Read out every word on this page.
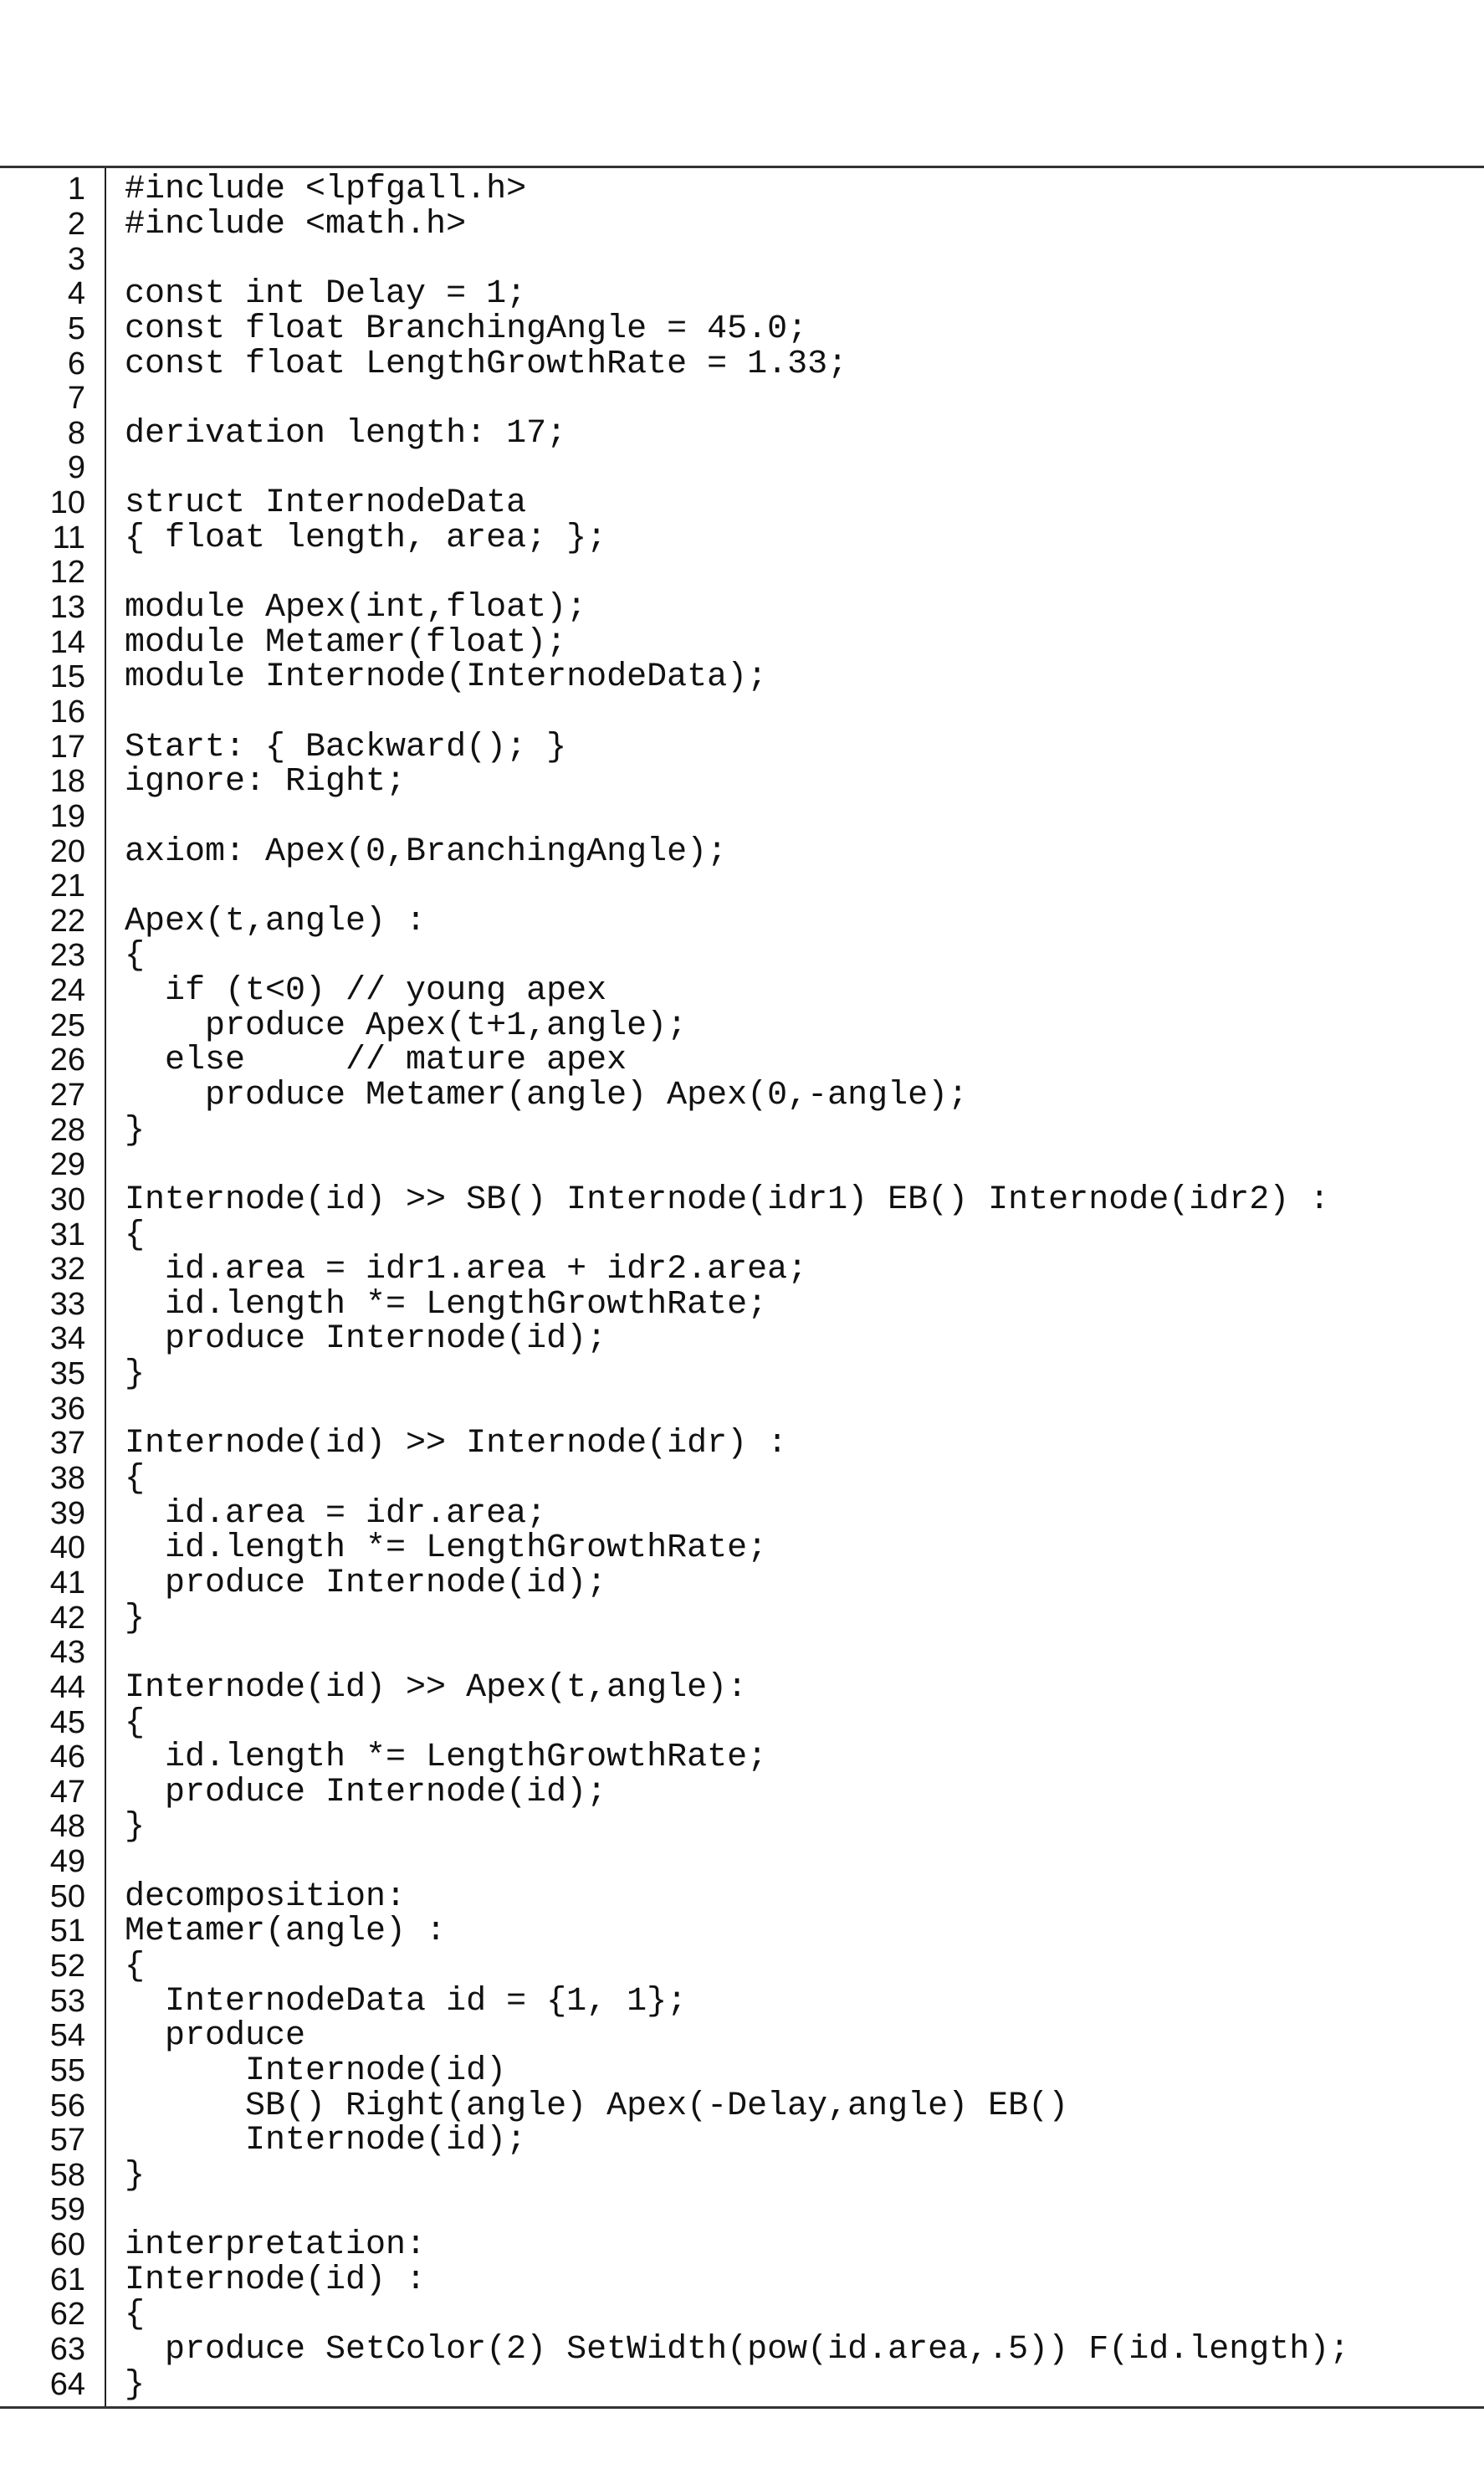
1 #include <lpfgall.h>
2 #include <math.h>
3
4 const int Delay = 1;
5 const float BranchingAngle = 45.0;
6 const float LengthGrowthRate = 1.33;
7
8 derivation length: 17;
9
10 struct InternodeData
11 { float length, area; };
12
13 module Apex(int,float);
14 module Metamer(float);
15 module Internode(InternodeData);
16
17 Start: { Backward(); }
18 ignore: Right;
19
20 axiom: Apex(0,BranchingAngle);
21
22 Apex(t,angle) :
23 {
24 if (t<0) // young apex
25 produce Apex(t+1,angle);
26 else     // mature apex
27 produce Metamer(angle) Apex(0,-angle);
28 }
29
30 Internode(id) >> SB() Internode(idr1) EB() Internode(idr2) :
31 {
32 id.area = idr1.area + idr2.area;
33 id.length *= LengthGrowthRate;
34 produce Internode(id);
35 }
36
37 Internode(id) >> Internode(idr) :
38 {
39 id.area = idr.area;
40 id.length *= LengthGrowthRate;
41 produce Internode(id);
42 }
43
44 Internode(id) >> Apex(t,angle):
45 {
46 id.length *= LengthGrowthRate;
47 produce Internode(id);
48 }
49
50 decomposition:
51 Metamer(angle) :
52 {
53 InternodeData id = {1, 1};
54 produce
55 Internode(id)
56 SB() Right(angle) Apex(-Delay,angle) EB()
57 Internode(id);
58 }
59
60 interpretation:
61 Internode(id) :
62 {
63 produce SetColor(2) SetWidth(pow(id.area,.5)) F(id.length);
64 }
